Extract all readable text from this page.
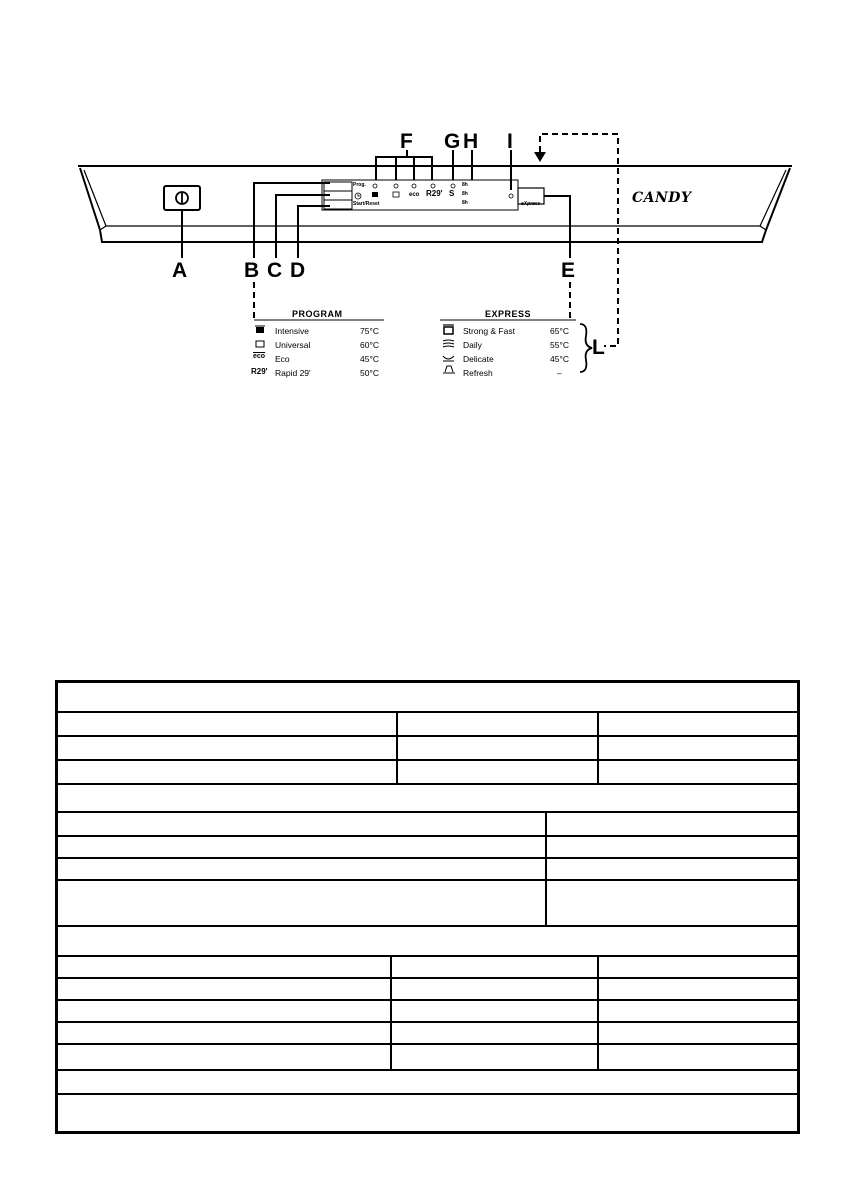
A	B C D	E
F G H I
L
Prog.
Start/Reset	eXpress
eco R29' S
8h
8h
8h	CANDY
PROGRAM
Intensive	75°C
Universal	60°C
$\overline{eco}$ Eco	45°C
R29' Rapid 29'	50°C
EXPRESS
Strong & Fast	65°C
Daily	55°C
Delicate	45°C
Refresh	–
